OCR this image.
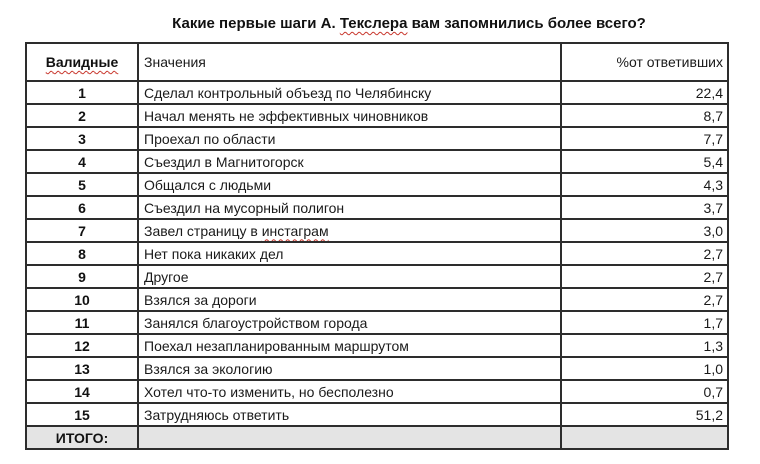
Какие первые шаги А. Текслера вам запомнились более всего?
Валидные	Значения	%от ответивших
1	Сделал контрольный объезд по Челябинску	22,4
2	Начал менять не эффективных чиновников	8,7
3	Проехал по области	7,7
4	Съездил в Магнитогорск	5,4
5	Общался с людьми	4,3
6	Съездил на мусорный полигон	3,7
7	Завел страницу в инстаграм	3,0
8	Нет пока никаких дел	2,7
9	Другое	2,7
10	Взялся за дороги	2,7
11	Занялся благоустройством города	1,7
12	Поехал незапланированным маршрутом	1,3
13	Взялся за экологию	1,0
14	Хотел что-то изменить, но бесполезно	0,7
15	Затрудняюсь ответить	51,2
ИТОГО:		
